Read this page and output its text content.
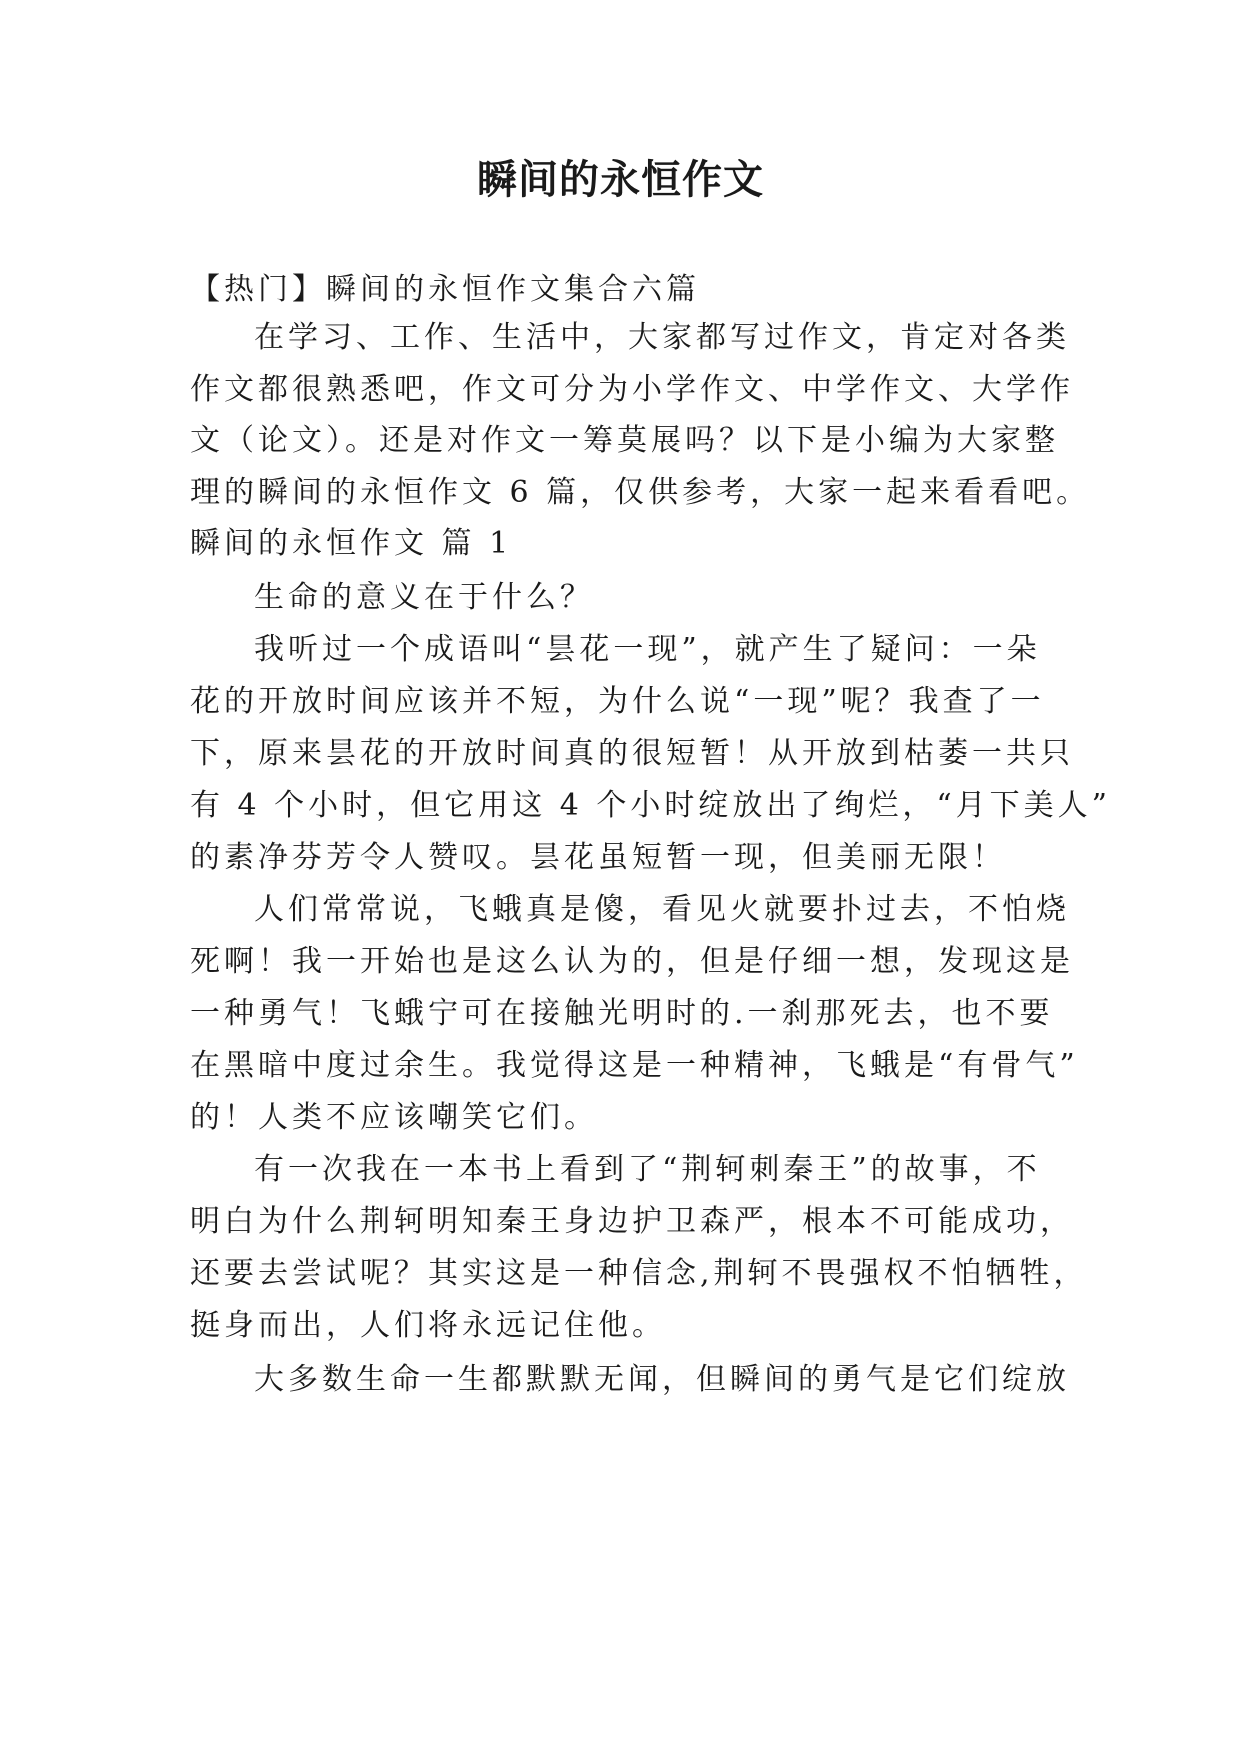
瞬间的永恒作文

【热门】瞬间的永恒作文集合六篇

在学习、工作、生活中，大家都写过作文，肯定对各类

作文都很熟悉吧，作文可分为小学作文、中学作文、大学作

文（论文）。还是对作文一筹莫展吗？以下是小编为大家整

理的瞬间的永恒作文 6 篇，仅供参考，大家一起来看看吧。

瞬间的永恒作文 篇 1

生命的意义在于什么？

我听过一个成语叫“昙花一现”，就产生了疑问：一朵

花的开放时间应该并不短，为什么说“一现”呢？我查了一

下，原来昙花的开放时间真的很短暂！从开放到枯萎一共只

有 4 个小时，但它用这 4 个小时绽放出了绚烂，“月下美人”

的素净芬芳令人赞叹。昙花虽短暂一现，但美丽无限！

人们常常说，飞蛾真是傻，看见火就要扑过去，不怕烧

死啊！我一开始也是这么认为的，但是仔细一想，发现这是

一种勇气！飞蛾宁可在接触光明时的.一刹那死去，也不要

在黑暗中度过余生。我觉得这是一种精神，飞蛾是“有骨气”

的！人类不应该嘲笑它们。

有一次我在一本书上看到了“荆轲刺秦王”的故事，不

明白为什么荆轲明知秦王身边护卫森严，根本不可能成功，

还要去尝试呢？其实这是一种信念,荆轲不畏强权不怕牺牲，

挺身而出，人们将永远记住他。

大多数生命一生都默默无闻，但瞬间的勇气是它们绽放
